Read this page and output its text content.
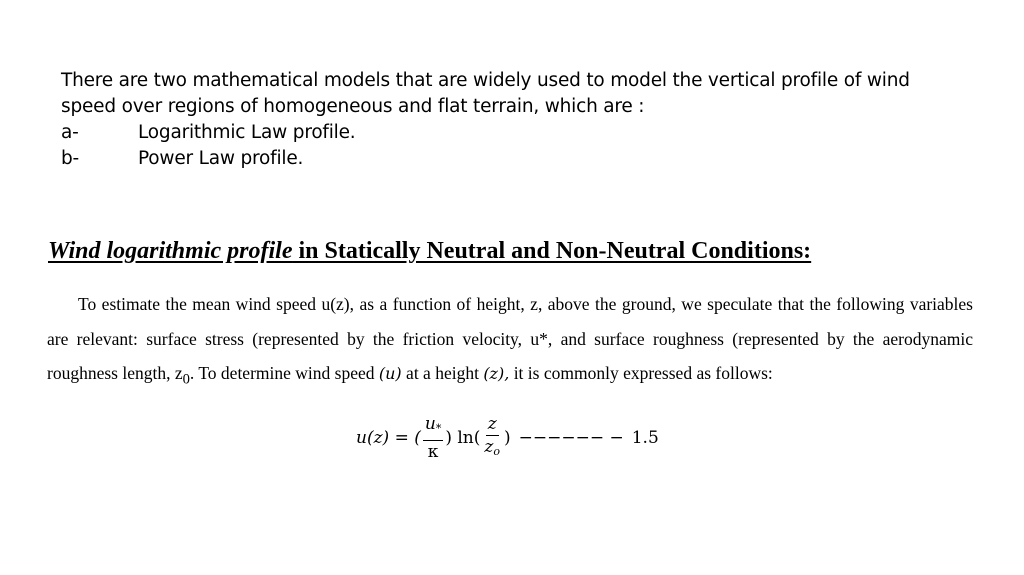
There are two mathematical models that are widely used to model the vertical profile of wind speed over regions of homogeneous and flat terrain, which are :

a-	Logarithmic Law profile.
b-	Power Law profile.
Wind logarithmic profile in Statically Neutral and Non-Neutral Conditions:

To estimate the mean wind speed u(z), as a function of height, z, above the ground, we speculate that the following variables are relevant: surface stress (represented by the friction velocity, u*, and surface roughness (represented by the aerodynamic roughness length, $z_0$. To determine wind speed (𝑢) at a height (𝑧), it is commonly expressed as follows:

u(z) = ( $\frac{u_*}{\kappa}$ ) $\ln( \frac{z}{z_o}$ ) −−−−−− − 1.5
